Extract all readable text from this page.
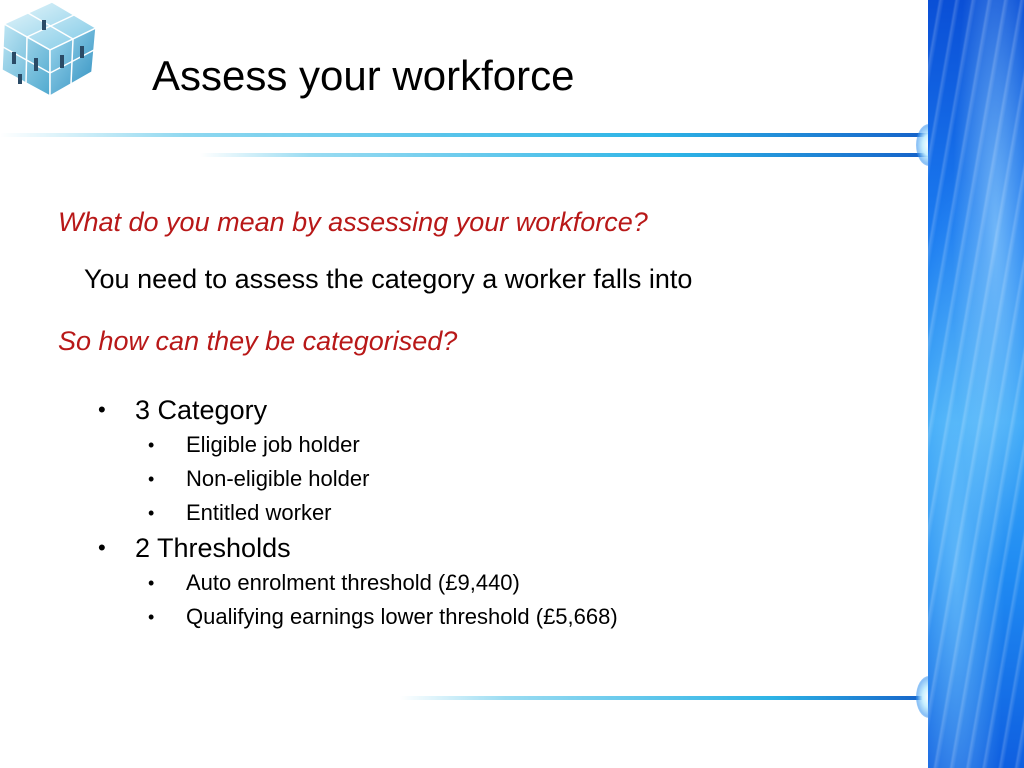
Assess your workforce

What do you mean by assessing your workforce?

You need to assess the category a worker falls into

So how can they be categorised?

• 3 Category
• Eligible job holder
• Non-eligible holder
• Entitled worker
• 2 Thresholds
• Auto enrolment threshold (£9,440)
• Qualifying earnings lower threshold (£5,668)
